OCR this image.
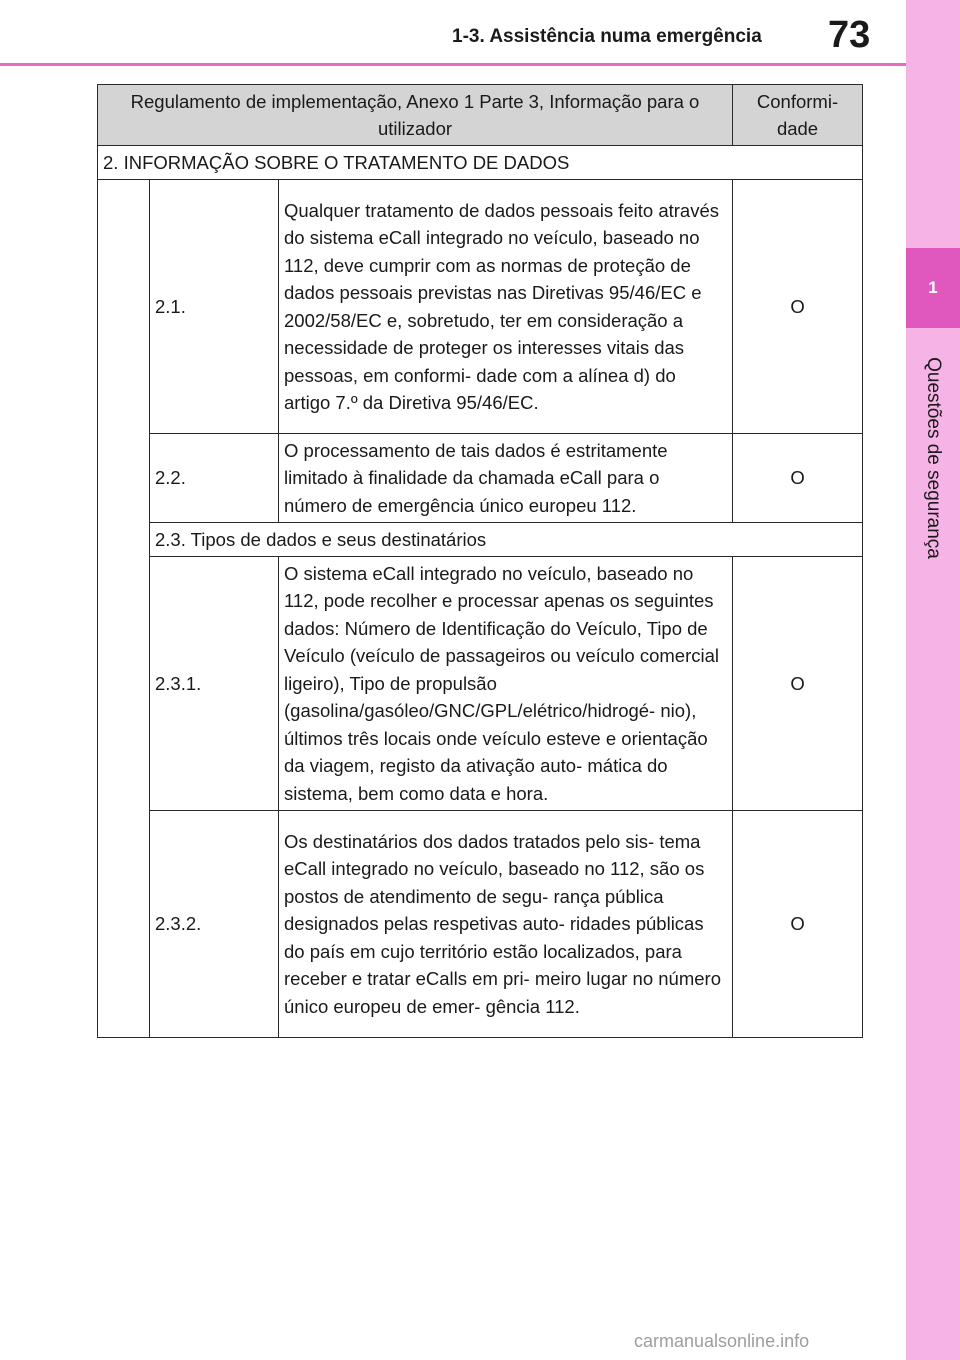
1-3. Assistência numa emergência 73
1
Questões de segurança
Regulamento de implementação, Anexo 1 Parte 3, Informação para o utilizador			Conformi- dade
2. INFORMAÇÃO SOBRE O TRATAMENTO DE DADOS			
	2.1.	Qualquer tratamento de dados pessoais feito através do sistema eCall integrado no veículo, baseado no 112, deve cumprir com as normas de proteção de dados pessoais previstas nas Diretivas 95/46/EC e 2002/58/EC e, sobretudo, ter em consideração a necessidade de proteger os interesses vitais das pessoas, em conformi- dade com a alínea d) do artigo 7.º da Diretiva 95/46/EC.	O
	2.2.	O processamento de tais dados é estritamente limitado à finalidade da chamada eCall para o número de emergência único europeu 112.	O
	2.3. Tipos de dados e seus destinatários		
	2.3.1.	O sistema eCall integrado no veículo, baseado no 112, pode recolher e processar apenas os seguintes dados: Número de Identificação do Veículo, Tipo de Veículo (veículo de passageiros ou veículo comercial ligeiro), Tipo de propulsão (gasolina/gasóleo/GNC/GPL/elétrico/hidrogé- nio), últimos três locais onde veículo esteve e orientação da viagem, registo da ativação auto- mática do sistema, bem como data e hora.	O
	2.3.2.	Os destinatários dos dados tratados pelo sis- tema eCall integrado no veículo, baseado no 112, são os postos de atendimento de segu- rança pública designados pelas respetivas auto- ridades públicas do país em cujo território estão localizados, para receber e tratar eCalls em pri- meiro lugar no número único europeu de emer- gência 112.	O
carmanualsonline.info
